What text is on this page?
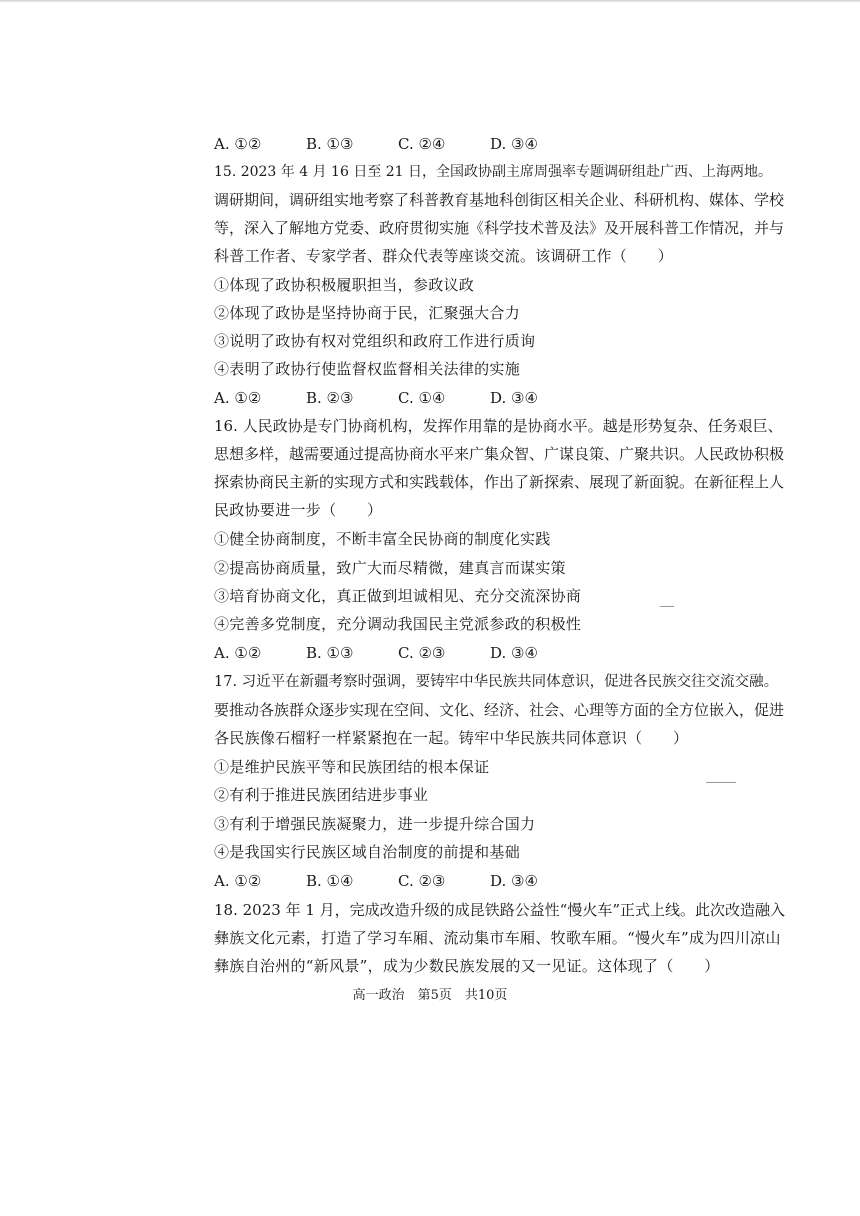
A. ①②	B. ①③	C. ②④	D. ③④
15. 2023 年 4 月 16 日至 21 日，全国政协副主席周强率专题调研组赴广西、上海两地。
调研期间，调研组实地考察了科普教育基地科创街区相关企业、科研机构、媒体、学校
等，深入了解地方党委、政府贯彻实施《科学技术普及法》及开展科普工作情况，并与
科普工作者、专家学者、群众代表等座谈交流。该调研工作（　　）
①体现了政协积极履职担当，参政议政
②体现了政协是坚持协商于民，汇聚强大合力
③说明了政协有权对党组织和政府工作进行质询
④表明了政协行使监督权监督相关法律的实施
A. ①②	B. ②③	C. ①④	D. ③④
16. 人民政协是专门协商机构，发挥作用靠的是协商水平。越是形势复杂、任务艰巨、
思想多样，越需要通过提高协商水平来广集众智、广谋良策、广聚共识。人民政协积极
探索协商民主新的实现方式和实践载体，作出了新探索、展现了新面貌。在新征程上人
民政协要进一步（　　）
①健全协商制度，不断丰富全民协商的制度化实践
②提高协商质量，致广大而尽精微，建真言而谋实策
③培育协商文化，真正做到坦诚相见、充分交流深协商
④完善多党制度，充分调动我国民主党派参政的积极性
A. ①②	B. ①③	C. ②③	D. ③④
17. 习近平在新疆考察时强调，要铸牢中华民族共同体意识，促进各民族交往交流交融。
要推动各族群众逐步实现在空间、文化、经济、社会、心理等方面的全方位嵌入，促进
各民族像石榴籽一样紧紧抱在一起。铸牢中华民族共同体意识（　　）
①是维护民族平等和民族团结的根本保证
②有利于推进民族团结进步事业
③有利于增强民族凝聚力，进一步提升综合国力
④是我国实行民族区域自治制度的前提和基础
A. ①②	B. ①④	C. ②③	D. ③④
18. 2023 年 1 月，完成改造升级的成昆铁路公益性“慢火车”正式上线。此次改造融入
彝族文化元素，打造了学习车厢、流动集市车厢、牧歌车厢。“慢火车”成为四川凉山
彝族自治州的“新风景”，成为少数民族发展的又一见证。这体现了（　　）
高一政治　第5页　共10页
